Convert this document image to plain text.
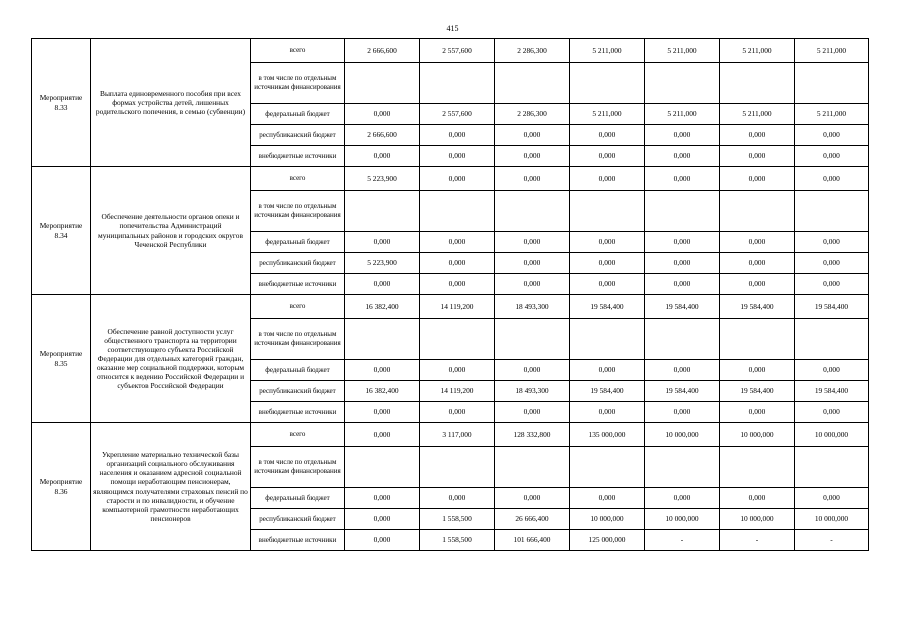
415
Мероприятие 8.33	Выплата единовременного пособия при всех формах устройства детей, лишенных родительского попечения, в семью (субвенции)	всего	2 666,600	2 557,600	2 286,300	5 211,000	5 211,000	5 211,000	5 211,000
		в том числе по отдельным источникам финансирования							
		федеральный бюджет	0,000	2 557,600	2 286,300	5 211,000	5 211,000	5 211,000	5 211,000
		республиканский бюджет	2 666,600	0,000	0,000	0,000	0,000	0,000	0,000
		внебюджетные источники	0,000	0,000	0,000	0,000	0,000	0,000	0,000
Мероприятие 8.34	Обеспечение деятельности органов опеки и попечительства Администраций муниципальных районов и городских округов Чеченской Республики	всего	5 223,900	0,000	0,000	0,000	0,000	0,000	0,000
		в том числе по отдельным источникам финансирования							
		федеральный бюджет	0,000	0,000	0,000	0,000	0,000	0,000	0,000
		республиканский бюджет	5 223,900	0,000	0,000	0,000	0,000	0,000	0,000
		внебюджетные источники	0,000	0,000	0,000	0,000	0,000	0,000	0,000
Мероприятие 8.35	Обеспечение равной доступности услуг общественного транспорта на территории соответствующего субъекта Российской Федерации для отдельных категорий граждан, оказание мер социальной поддержки, которым относится к ведению Российской Федерации и субъектов Российской Федерации	всего	16 382,400	14 119,200	18 493,300	19 584,400	19 584,400	19 584,400	19 584,400
		в том числе по отдельным источникам финансирования							
		федеральный бюджет	0,000	0,000	0,000	0,000	0,000	0,000	0,000
		республиканский бюджет	16 382,400	14 119,200	18 493,300	19 584,400	19 584,400	19 584,400	19 584,400
		внебюджетные источники	0,000	0,000	0,000	0,000	0,000	0,000	0,000
Мероприятие 8.36	Укрепление материально технической базы организаций социального обслуживания населения и оказанием адресной социальной помощи неработающим пенсионерам, являющимся получателями страховых пенсий по старости и по инвалидности, и обучение компьютерной грамотности неработающих пенсионеров	всего	0,000	3 117,000	128 332,800	135 000,000	10 000,000	10 000,000	10 000,000
		в том числе по отдельным источникам финансирования							
		федеральный бюджет	0,000	0,000	0,000	0,000	0,000	0,000	0,000
		республиканский бюджет	0,000	1 558,500	26 666,400	10 000,000	10 000,000	10 000,000	10 000,000
		внебюджетные источники	0,000	1 558,500	101 666,400	125 000,000	-	-	-
